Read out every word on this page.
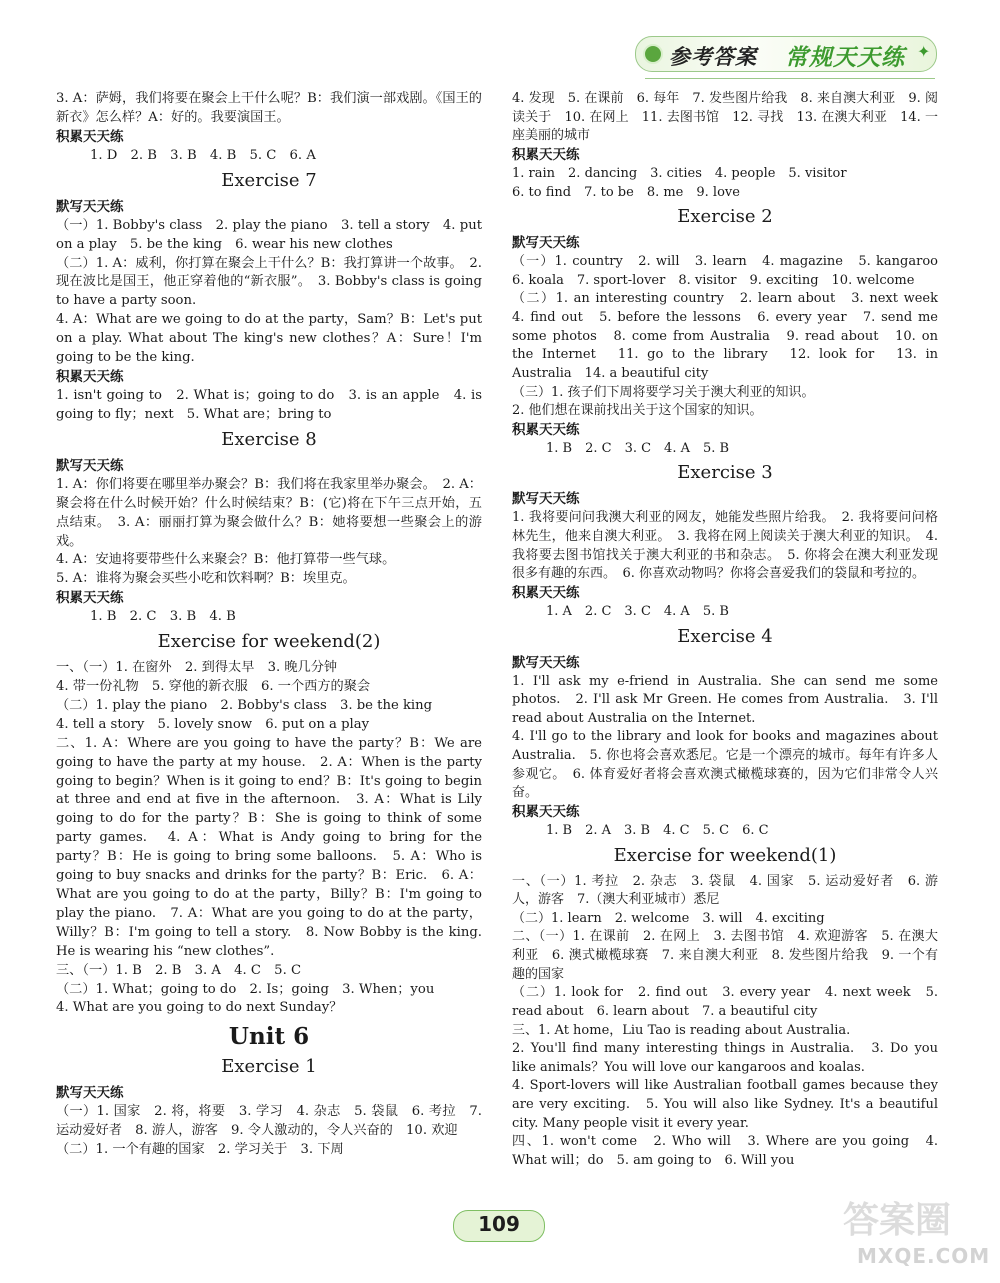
参考答案 常规天天练 ✦

3. A：萨姆，我们将要在聚会上干什么呢？B：我们演一部戏剧。《国王的新衣》怎么样？A：好的。我要演国王。

积累天天练

1. D　2. B　3. B　4. B　5. C　6. A

Exercise 7

默写天天练

（一）1. Bobby's class　2. play the piano　3. tell a story　4. put on a play　5. be the king　6. wear his new clothes

（二）1. A：威利，你打算在聚会上干什么？B：我打算讲一个故事。　2. 现在波比是国王，他正穿着他的“新衣服”。　3. Bobby's class is going to have a party soon.

4. A：What are we going to do at the party，Sam？B：Let's put on a play. What about The king's new clothes？A：Sure！I'm going to be the king.

积累天天练

1. isn't going to　2. What is；going to do　3. is an apple　4. is going to fly；next　5. What are；bring to

Exercise 8

默写天天练

1. A：你们将要在哪里举办聚会？B：我们将在我家里举办聚会。　2. A：聚会将在什么时候开始？什么时候结束？B：(它)将在下午三点开始，五点结束。　3. A：丽丽打算为聚会做什么？B：她将要想一些聚会上的游戏。

4. A：安迪将要带些什么来聚会？B：他打算带一些气球。

5. A：谁将为聚会买些小吃和饮料啊？B：埃里克。

积累天天练

1. B　2. C　3. B　4. B

Exercise for weekend(2)

一、（一）1. 在窗外　2. 到得太早　3. 晚几分钟

4. 带一份礼物　5. 穿他的新衣服　6. 一个西方的聚会

（二）1. play the piano　2. Bobby's class　3. be the king

4. tell a story　5. lovely snow　6. put on a play

二、1. A：Where are you going to have the party？B：We are going to have the party at my house.　2. A：When is the party going to begin？When is it going to end？B：It's going to begin at three and end at five in the afternoon.　3. A：What is Lily going to do for the party？B：She is going to think of some party games.　4. A：What is Andy going to bring for the party？B：He is going to bring some balloons.　5. A：Who is going to buy snacks and drinks for the party？B：Eric.　6. A：What are you going to do at the party，Billy？B：I'm going to play the piano.　7. A：What are you going to do at the party，Willy？B：I'm going to tell a story.　8. Now Bobby is the king. He is wearing his “new clothes”.

三、（一）1. B　2. B　3. A　4. C　5. C

（二）1. What；going to do　2. Is；going　3. When；you

4. What are you going to do next Sunday？

Unit 6

Exercise 1

默写天天练

（一）1. 国家　2. 将，将要　3. 学习　4. 杂志　5. 袋鼠　6. 考拉　7. 运动爱好者　8. 游人，游客　9. 令人激动的，令人兴奋的　10. 欢迎

（二）1. 一个有趣的国家　2. 学习关于　3. 下周

4. 发现　5. 在课前　6. 每年　7. 发些图片给我　8. 来自澳大利亚　9. 阅读关于　10. 在网上　11. 去图书馆　12. 寻找　13. 在澳大利亚　14. 一座美丽的城市

积累天天练

1. rain　2. dancing　3. cities　4. people　5. visitor

6. to find　7. to be　8. me　9. love

Exercise 2

默写天天练

（一）1. country　2. will　3. learn　4. magazine　5. kangaroo　6. koala　7. sport-lover　8. visitor　9. exciting　10. welcome

（二）1. an interesting country　2. learn about　3. next week　4. find out　5. before the lessons　6. every year　7. send me some photos　8. come from Australia　9. read about　10. on the Internet　11. go to the library　12. look for　13. in Australia　14. a beautiful city

（三）1. 孩子们下周将要学习关于澳大利亚的知识。

2. 他们想在课前找出关于这个国家的知识。

积累天天练

1. B　2. C　3. C　4. A　5. B

Exercise 3

默写天天练

1. 我将要问问我澳大利亚的网友，她能发些照片给我。　2. 我将要问问格林先生，他来自澳大利亚。　3. 我将在网上阅读关于澳大利亚的知识。　4. 我将要去图书馆找关于澳大利亚的书和杂志。　5. 你将会在澳大利亚发现很多有趣的东西。　6. 你喜欢动物吗？你将会喜爱我们的袋鼠和考拉的。

积累天天练

1. A　2. C　3. C　4. A　5. B

Exercise 4

默写天天练

1. I'll ask my e-friend in Australia. She can send me some photos.　2. I'll ask Mr Green. He comes from Australia.　3. I'll read about Australia on the Internet.

4. I'll go to the library and look for books and magazines about Australia.　5. 你也将会喜欢悉尼。它是一个漂亮的城市。每年有许多人参观它。　6. 体育爱好者将会喜欢澳式橄榄球赛的，因为它们非常令人兴奋。

积累天天练

1. B　2. A　3. B　4. C　5. C　6. C

Exercise for weekend(1)

一、（一）1. 考拉　2. 杂志　3. 袋鼠　4. 国家　5. 运动爱好者　6. 游人，游客　7.（澳大利亚城市）悉尼

（二）1. learn　2. welcome　3. will　4. exciting

二、（一）1. 在课前　2. 在网上　3. 去图书馆　4. 欢迎游客　5. 在澳大利亚　6. 澳式橄榄球赛　7. 来自澳大利亚　8. 发些图片给我　9. 一个有趣的国家

（二）1. look for　2. find out　3. every year　4. next week　5. read about　6. learn about　7. a beautiful city

三、1. At home，Liu Tao is reading about Australia.

2. You'll find many interesting things in Australia.　3. Do you like animals？You will love our kangaroos and koalas.

4. Sport-lovers will like Australian football games because they are very exciting.　5. You will also like Sydney. It's a beautiful city. Many people visit it every year.

四、1. won't come　2. Who will　3. Where are you going　4. What will；do　5. am going to　6. Will you

109	答案圈
MXQE.COM
